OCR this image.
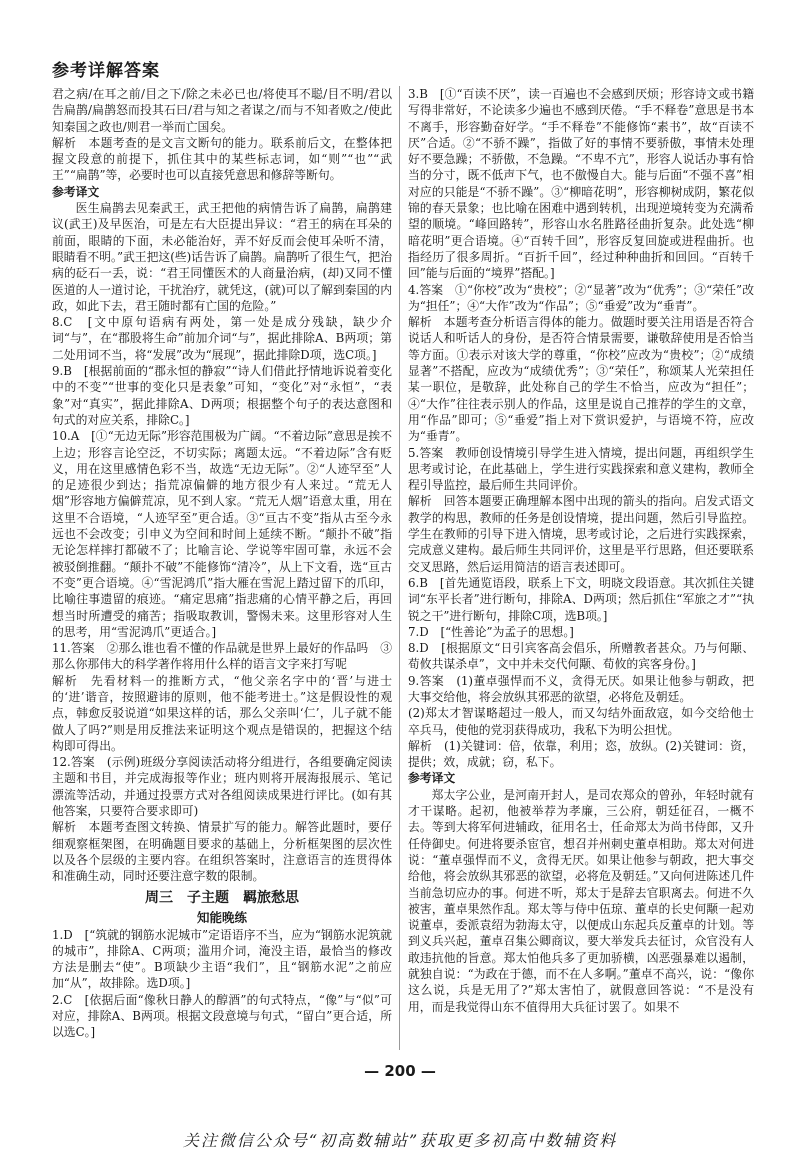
参考详解答案

君之病/在耳之前/目之下/除之未必已也/将使耳不聪/目不明/君以告扁鹊/扁鹊怒而投其石曰/君与知之者谋之/而与不知者败之/使此知秦国之政也/则君一举而亡国矣。

解析　本题考查的是文言文断句的能力。联系前后文，在整体把握文段意的前提下，抓住其中的某些标志词，如“则”“也”“武王”“扁鹊”等，必要时也可以直接凭意思和修辞等断句。

参考译文

医生扁鹊去见秦武王，武王把他的病情告诉了扁鹊，扁鹊建议(武王)及早医治，可是左右大臣提出异议：“君王的病在耳朵的前面，眼睛的下面，未必能治好，弄不好反而会使耳朵听不清，眼睛看不明。”武王把这(些)话告诉了扁鹊。扁鹊听了很生气，把治病的砭石一丢，说：“君王同懂医术的人商量治病，(却)又同不懂医道的人一道讨论，干扰治疗，就凭这，(就)可以了解到秦国的内政，如此下去，君王随时都有亡国的危险。”

8.C　[文中原句语病有两处，第一处是成分残缺，缺少介词“与”，在“郡股将生命”前加介词“与”，据此排除A、B两项；第二处用词不当，将“发展”改为“展现”，据此排除D项，选C项。]

9.B　[根据前面的“郡永恒的静寂”“诗人们借此抒情地诉说着变化中的不变”“世事的变化只是表象”可知，“变化”对“永恒”，“表象”对“真实”，据此排除A、D两项；根据整个句子的表达意图和句式的对应关系，排除C。]

10.A　[①“无边无际”形容范围极为广阔。“不着边际”意思是挨不上边；形容言论空泛，不切实际；离题太远。“不着边际”含有贬义，用在这里感情色彩不当，故选“无边无际”。②“人迹罕至”人的足迹很少到达；指荒凉偏僻的地方很少有人来过。“荒无人烟”形容地方偏僻荒凉，见不到人家。“荒无人烟”语意太重，用在这里不合语境，“人迹罕至”更合适。③“亘古不变”指从古至今永远也不会改变；引申义为空间和时间上延续不断。“颠扑不破”指无论怎样摔打都破不了；比喻言论、学说等牢固可靠，永远不会被驳倒推翻。“颠扑不破”不能修饰“清冷”，从上下文看，选“亘古不变”更合语境。④“雪泥鸿爪”指大雁在雪泥上踏过留下的爪印，比喻往事遗留的痕迹。“痛定思痛”指悲痛的心情平静之后，再回想当时所遭受的痛苦；指吸取教训，警惕未来。这里形容对人生的思考，用“雪泥鸿爪”更适合。]

11.答案　②那么谁也看不懂的作品就是世界上最好的作品吗　③那么你那伟大的科学著作将用什么样的语言文字来打写呢

解析　先看材料一的推断方式，“他父亲名字中的‘晋’与进士的‘进’谐音，按照避讳的原则，他不能考进士。”这是假设性的观点，韩愈反驳说道“如果这样的话，那么父亲叫‘仁’，儿子就不能做人了吗?”则是用反推法来证明这个观点是错误的，把握这个结构即可得出。

12.答案　(示例)班级分享阅读活动将分组进行，各组要确定阅读主题和书目，并完成海报等作业；班内则将开展海报展示、笔记漂流等活动，并通过投票方式对各组阅读成果进行评比。(如有其他答案，只要符合要求即可)

解析　本题考查图文转换、情景扩写的能力。解答此题时，要仔细观察框架图，在明确题目要求的基础上，分析框架图的层次性以及各个层级的主要内容。在组织答案时，注意语言的连贯得体和准确生动，同时还要注意字数的限制。

周三　子主题　羁旅愁思
知能晚练

1.D　[“筑就的钢筋水泥城市”定语语序不当，应为“钢筋水泥筑就的城市”，排除A、C两项；滥用介词，淹没主语，最恰当的修改方法是删去“使”。B项缺少主语“我们”，且“钢筋水泥”之前应加“从”，故排除。选D项。]

2.C　[依据后面“像秋日静人的醇酒”的句式特点，“像”与“似”可对应，排除A、B两项。根据文段意境与句式，“留白”更合适，所以选C。]

3.B　[①“百读不厌”，读一百遍也不会感到厌烦；形容诗文或书籍写得非常好，不论读多少遍也不感到厌倦。“手不释卷”意思是书本不离手，形容勤奋好学。“手不释卷”不能修饰“素书”，故“百读不厌”合适。②“不骄不躁”，指做了好的事情不要骄傲，事情未处理好不要急躁；不骄傲，不急躁。“不卑不亢”，形容人说话办事有恰当的分寸，既不低声下气，也不傲慢自大。能与后面“不强不喜”相对应的只能是“不骄不躁”。③“柳暗花明”，形容柳树成阴，繁花似锦的春天景象；也比喻在困难中遇到转机，出现逆境转变为充满希望的顺境。“峰回路转”，形容山水名胜路径曲折复杂。此处选“柳暗花明”更合语境。④“百转千回”，形容反复回旋或进程曲折。也指经历了很多周折。“百折千回”，经过种种曲折和回回。“百转千回”能与后面的“境界”搭配。]

4.答案　①“你校”改为“贵校”；②“显著”改为“优秀”；③“荣任”改为“担任”；④“大作”改为“作品”；⑤“垂爱”改为“垂青”。

解析　本题考查分析语言得体的能力。做题时要关注用语是否符合说话人和听话人的身份，是否符合情景需要，谦敬辞使用是否恰当等方面。①表示对该大学的尊重，“你校”应改为“贵校”；②“成绩显著”不搭配，应改为“成绩优秀”；③“荣任”，称颂某人光荣担任某一职位，是敬辞，此处称自己的学生不恰当，应改为“担任”；④“大作”往往表示别人的作品，这里是说自己推荐的学生的文章，用“作品”即可；⑤“垂爱”指上对下赏识爱护，与语境不符，应改为“垂青”。

5.答案　教师创设情境引导学生进入情境，提出问题，再组织学生思考或讨论，在此基础上，学生进行实践探索和意义建构，教师全程引导监控，最后师生共同评价。

解析　回答本题要正确理解本图中出现的箭头的指向。启发式语文教学的构思，教师的任务是创设情境，提出问题，然后引导监控。学生在教师的引导下进入情境，思考或讨论，之后进行实践探索，完成意义建构。最后师生共同评价，这里是平行思路，但还要联系交叉思路，然后运用简洁的语言表述即可。

6.B　[首先通览语段，联系上下文，明晓文段语意。其次抓住关键词“东平长者”进行断句，排除A、D两项；然后抓住“军旅之才”“执锐之干”进行断句，排除C项，选B项。]

7.D　[“性善论”为孟子的思想。]

8.D　[根据原文“日引宾客高会倡乐，所赠教者甚众。乃与何颙、荀攸共谋杀卓”，文中并未交代何颙、荀攸的宾客身份。]

9.答案　(1)董卓强悍而不义，贪得无厌。如果让他参与朝政，把大事交给他，将会放纵其邪恶的欲望，必将危及朝廷。

(2)郑太才智谋略超过一般人，而又勾结外面敌寇，如今交给他士卒兵马，使他的党羽获得成功，我私下为明公担忧。

解析　(1)关键词：倍，依靠，利用；恣，放纵。(2)关键词：资，提供；效，成就；窃，私下。

参考译文

郑太字公业，是河南开封人，是司农郑众的曾孙，年轻时就有才干谋略。起初，他被举荐为孝廉，三公府，朝廷征召，一概不去。等到大将军何进辅政，征用名士，任命郑太为尚书侍郎，又升任侍御史。何进将要杀宦官，想召并州刺史董卓相助。郑太对何进说：“董卓强悍而不义，贪得无厌。如果让他参与朝政，把大事交给他，将会放纵其邪恶的欲望，必将危及朝廷。”又向何进陈述几件当前急切应办的事。何进不听，郑太于是辞去官职离去。何进不久被害，董卓果然作乱。郑太等与侍中伍琼、董卓的长史何颙一起劝说董卓，委派袁绍为勃海太守，以便成山东起兵反董卓的计划。等到义兵兴起，董卓召集公卿商议，要大举发兵去征讨，众官没有人敢违抗他的旨意。郑太怕他兵多了更加骄横，凶恶强暴难以遏制，就独自说：“为政在于德，而不在人多啊。”董卓不高兴，说：“像你这么说，兵是无用了?”郑太害怕了，就假意回答说：“不是没有用，而是我觉得山东不值得用大兵征讨罢了。如果不

— 200 —
关注微信公众号“初高数辅站”获取更多初高中数辅资料
